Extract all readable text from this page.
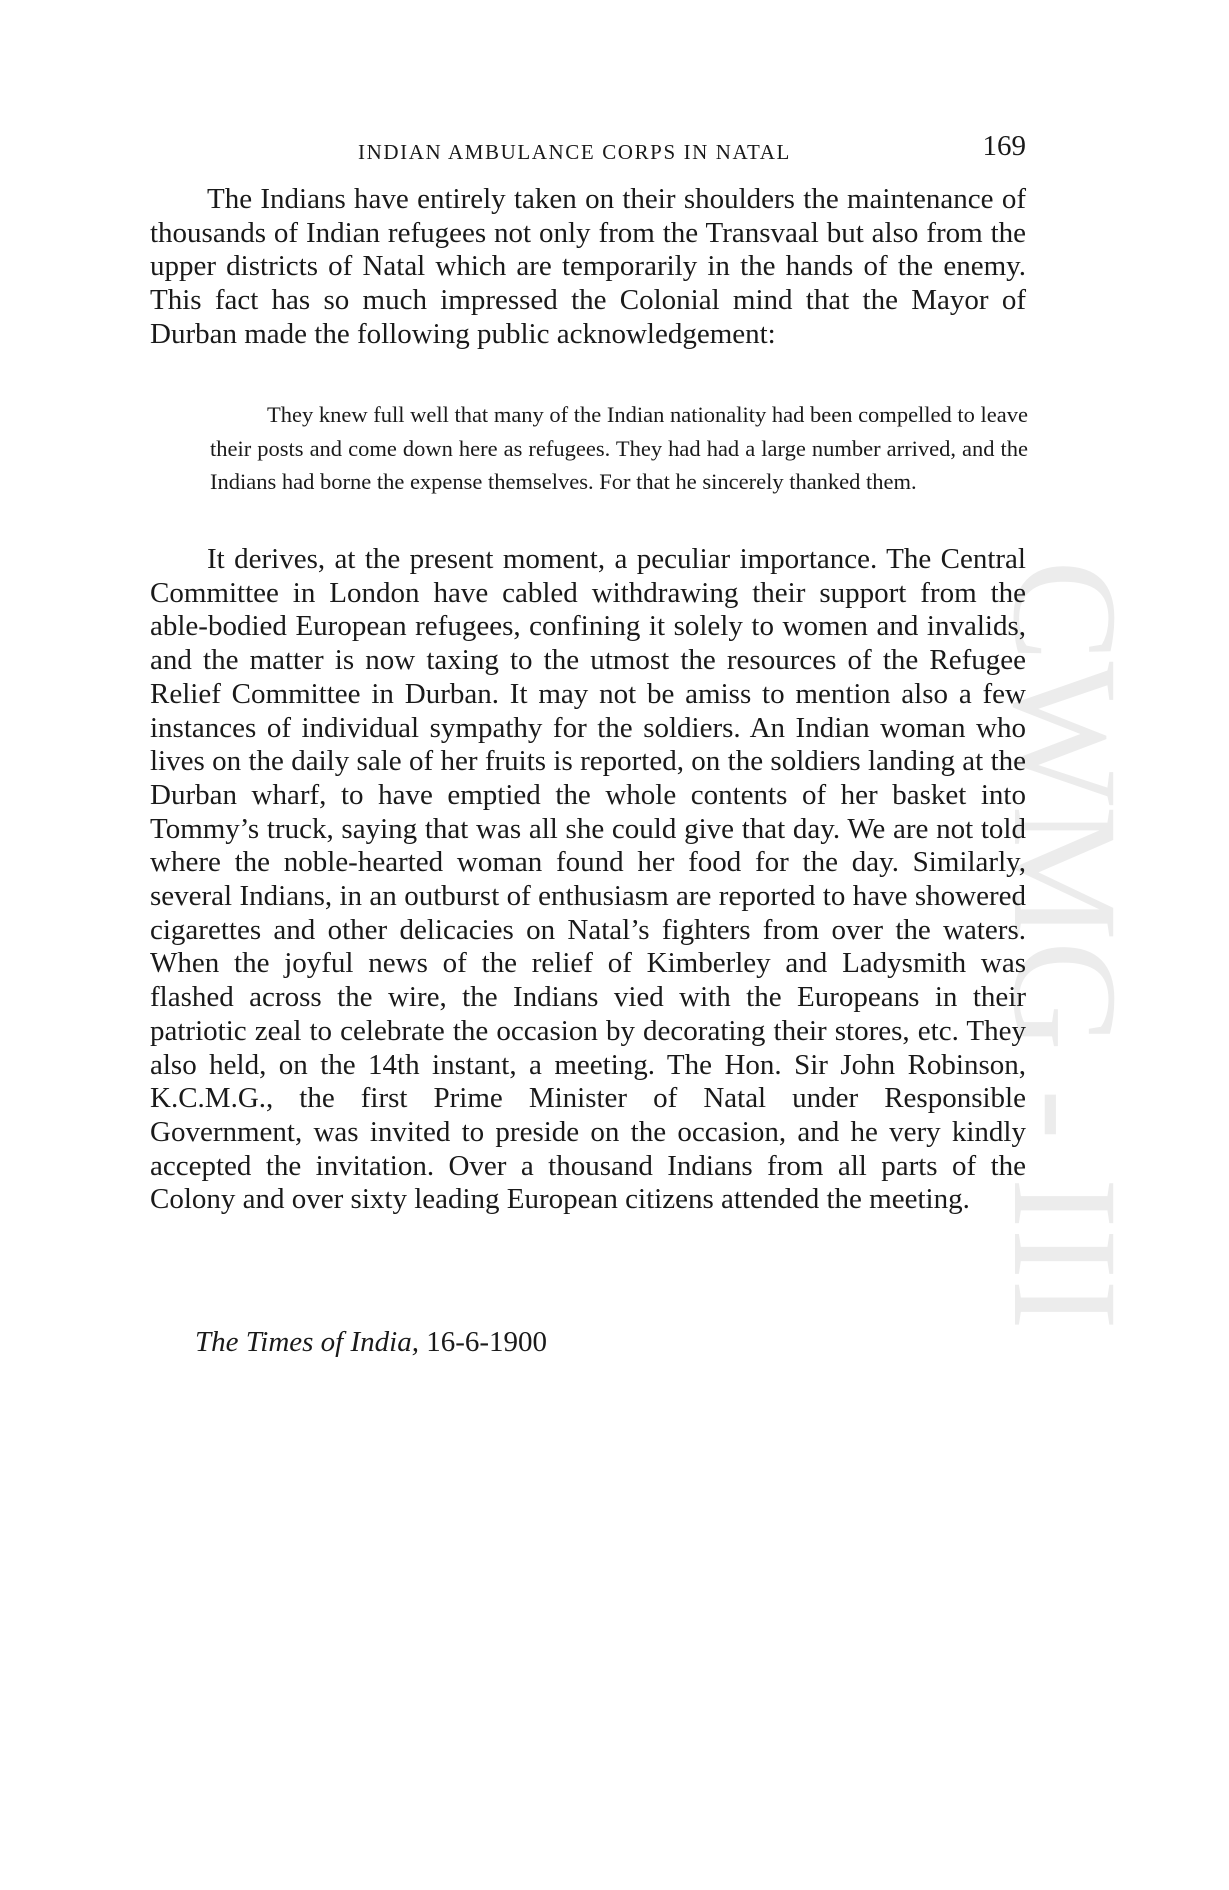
CWMG - III
INDIAN AMBULANCE CORPS IN NATAL	169

The Indians have entirely taken on their shoulders the maintenance of thousands of Indian refugees not only from the Transvaal but also from the upper districts of Natal which are temporarily in the hands of the enemy. This fact has so much impressed the Colonial mind that the Mayor of Durban made the following public acknowledgement:

They knew full well that many of the Indian nationality had been compelled to leave their posts and come down here as refugees. They had had a large number arrived, and the Indians had borne the expense themselves. For that he sincerely thanked them.

It derives, at the present moment, a peculiar importance. The Central Committee in London have cabled withdrawing their support from the able-bodied European refugees, confining it solely to women and invalids, and the matter is now taxing to the utmost the resources of the Refugee Relief Committee in Durban. It may not be amiss to mention also a few instances of individual sympathy for the soldiers. An Indian woman who lives on the daily sale of her fruits is reported, on the soldiers landing at the Durban wharf, to have emptied the whole contents of her basket into Tommy’s truck, saying that was all she could give that day. We are not told where the noble-hearted woman found her food for the day. Similarly, several Indians, in an outburst of enthusiasm are reported to have showered cigarettes and other delicacies on Natal’s fighters from over the waters. When the joyful news of the relief of Kimberley and Ladysmith was flashed across the wire, the Indians vied with the Europeans in their patriotic zeal to celebrate the occasion by decorating their stores, etc. They also held, on the 14th instant, a meeting. The Hon. Sir John Robinson, K.C.M.G., the first Prime Minister of Natal under Responsible Government, was invited to preside on the occasion, and he very kindly accepted the invitation. Over a thousand Indians from all parts of the Colony and over sixty leading European citizens attended the meeting.

The Times of India, 16-6-1900
